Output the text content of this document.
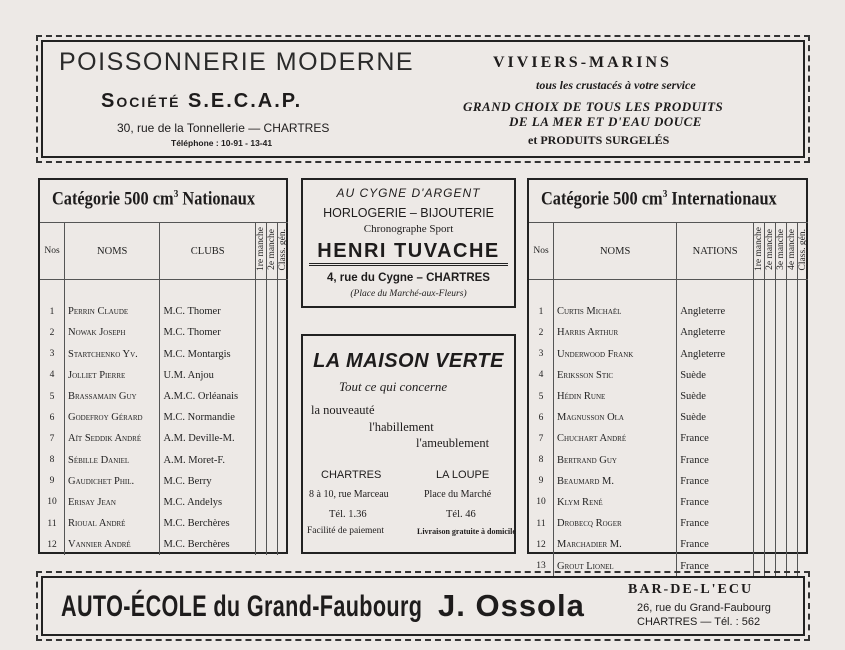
POISSONNERIE MODERNE
Société S.E.C.A.P.
30, rue de la Tonnellerie — CHARTRES
Téléphone : 10-91 - 13-41
VIVIERS-MARINS
tous les crustacés à votre service
GRAND CHOIX DE TOUS LES PRODUITS
DE LA MER ET D'EAU DOUCE
et PRODUITS SURGELÉS
Catégorie 500 $cm^3$ Nationaux
Nos	NOMS	CLUBS	1re manche	2e manche	Class. gén.

1	Perrin Claude	M.C. Thomer			
2	Nowak Joseph	M.C. Thomer			
3	Startchenko Yv.	M.C. Montargis			
4	Jolliet Pierre	U.M. Anjou			
5	Brassamain Guy	A.M.C. Orléanais			
6	Godefroy Gérard	M.C. Normandie			
7	Aït Seddik André	A.M. Deville-M.			
8	Sébille Daniel	A.M. Moret-F.			
9	Gaudichet Phil.	M.C. Berry			
10	Erisay Jean	M.C. Andelys			
11	Rioual André	M.C. Berchères			
12	Vannier André	M.C. Berchères			
AU CYGNE D'ARGENT
HORLOGERIE – BIJOUTERIE
Chronographe Sport
HENRI TUVACHE
4, rue du Cygne – CHARTRES
(Place du Marché-aux-Fleurs)
LA MAISON VERTE
Tout ce qui concerne
la nouveauté
l'habillement
l'ameublement
CHARTRES
8 à 10, rue Marceau
Tél. 1.36
Facilité de paiement
LA LOUPE
Place du Marché
Tél. 46
Livraison gratuite à domicile
Catégorie 500 $cm^3$ Internationaux
Nos	NOMS	NATIONS	1re manche	2e manche	3e manche	4e manche	Class. gén.

1	Curtis Michaël	Angleterre					
2	Harris Arthur	Angleterre					
3	Underwood Frank	Angleterre					
4	Eriksson Stic	Suède					
5	Hédin Rune	Suède					
6	Magnusson Ola	Suède					
7	Chuchart André	France					
8	Bertrand Guy	France					
9	Beaumard M.	France					
10	Klym René	France					
11	Drobecq Roger	France					
12	Marchadier M.	France					
13	Grout Lionel	France					
AUTO-ÉCOLE du Grand-Faubourg J. Ossola	BAR-DE-L'ECU
26, rue du Grand-Faubourg
CHARTRES — Tél. : 562
